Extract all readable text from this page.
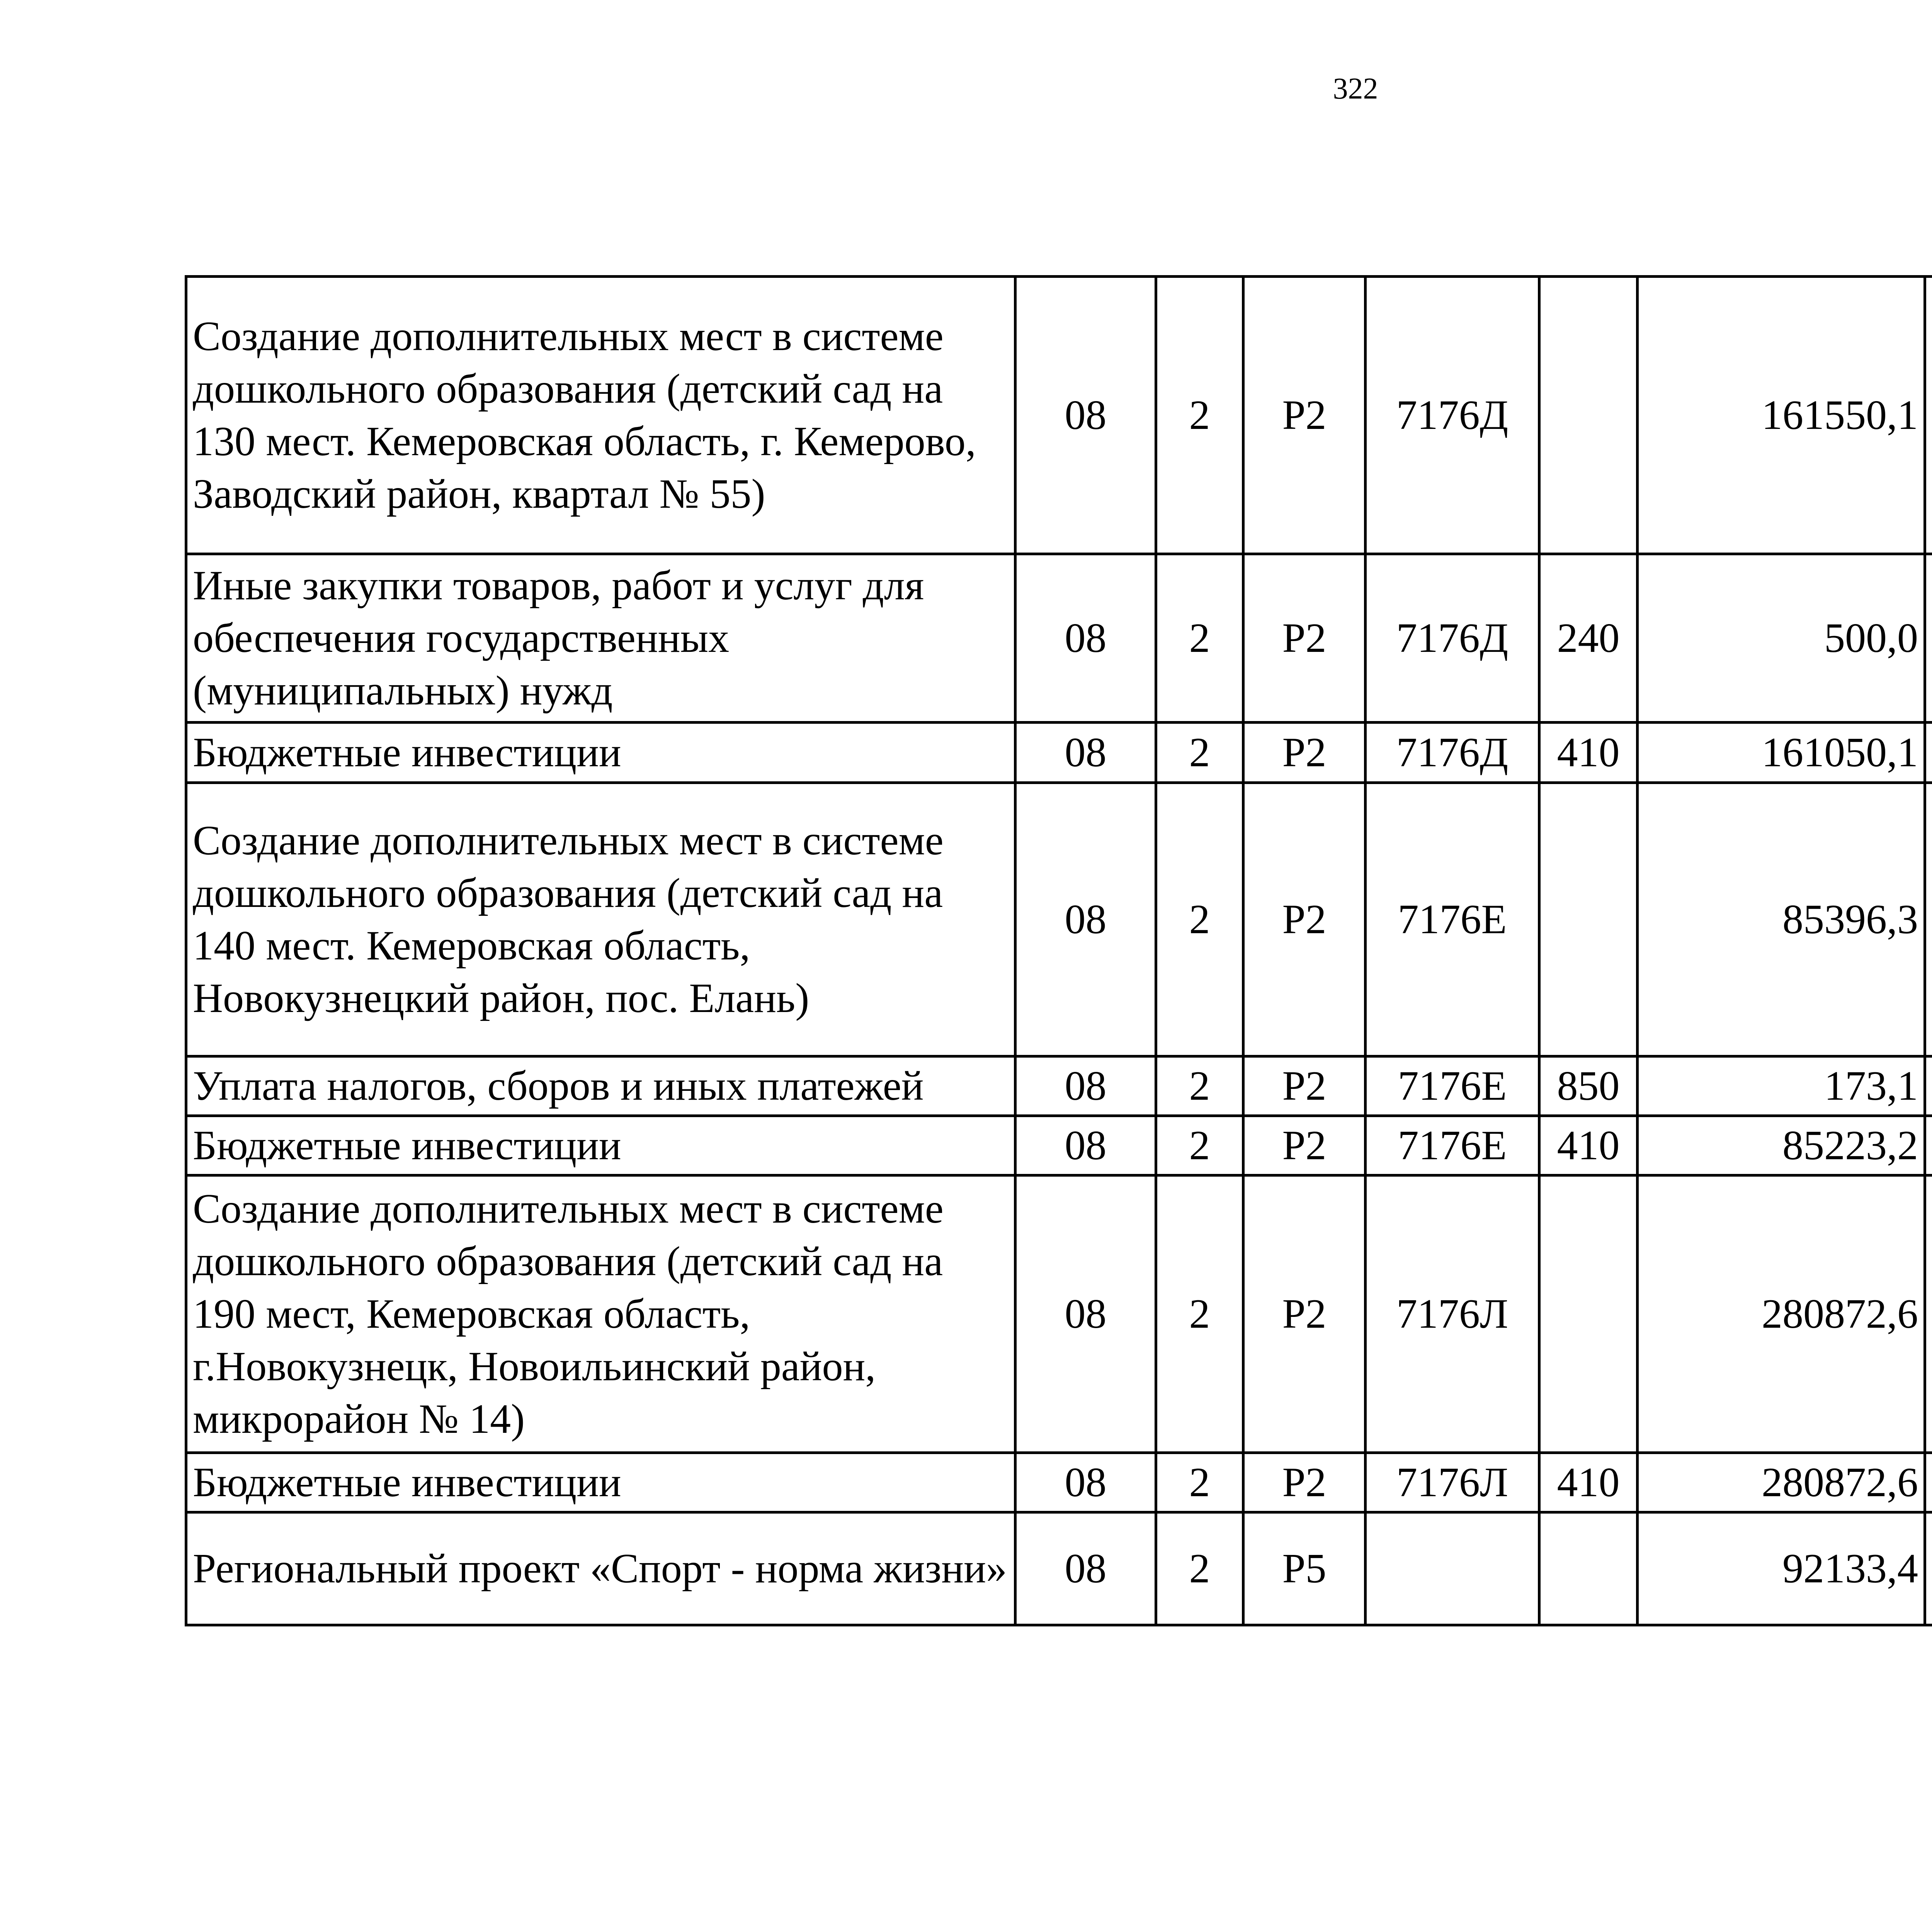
322
Создание дополнительных мест в системе дошкольного образования (детский сад на 130 мест. Кемеровская область, г. Кемерово, Заводский район, квартал № 55)	08	2	Р2	7176Д		161550,1		
Иные закупки товаров, работ и услуг для обеспечения государственных (муниципальных) нужд	08	2	Р2	7176Д	240	500,0		
Бюджетные инвестиции	08	2	Р2	7176Д	410	161050,1		
Создание дополнительных мест в системе дошкольного образования (детский сад на 140 мест. Кемеровская область, Новокузнецкий район, пос. Елань)	08	2	Р2	7176Е		85396,3		
Уплата налогов, сборов и иных платежей	08	2	Р2	7176Е	850	173,1		
Бюджетные инвестиции	08	2	Р2	7176Е	410	85223,2		
Создание дополнительных мест в системе дошкольного образования (детский сад на 190 мест, Кемеровская область, г.Новокузнецк, Новоильинский район, микрорайон № 14)	08	2	Р2	7176Л		280872,6		
Бюджетные инвестиции	08	2	Р2	7176Л	410	280872,6		
Региональный проект «Спорт - норма жизни»	08	2	Р5			92133,4		
